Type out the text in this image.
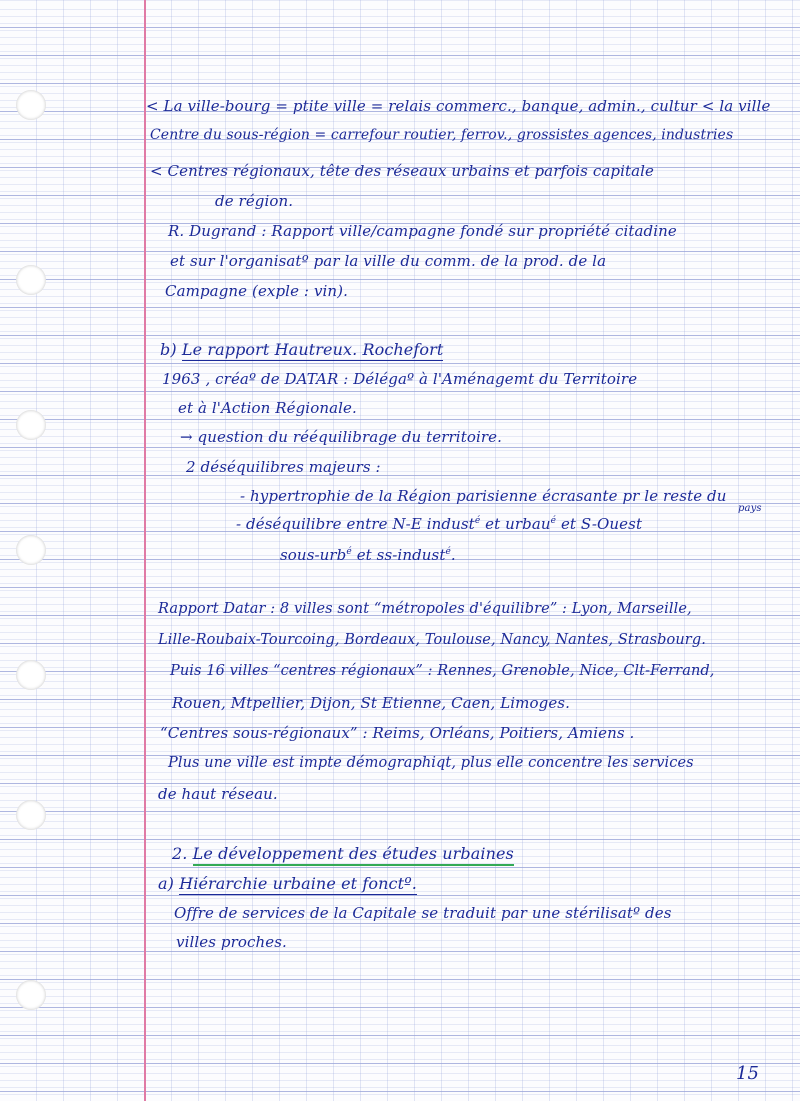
< La ville-bourg = ptite ville = relais commerc., banque, admin., cultur < la ville
Centre du sous-région = carrefour routier, ferrov., grossistes agences, industries
< Centres régionaux, tête des réseaux urbains et parfois capitale
de région.
R. Dugrand : Rapport ville/campagne fondé sur propriété citadine
et sur l'organisatº par la ville du comm. de la prod. de la
Campagne (exple : vin).
b) Le rapport Hautreux. Rochefort
1963 , créaº de DATAR : Délégaº à l'Aménagemt du Territoire
et à l'Action Régionale.
→ question du rééquilibrage du territoire.
2 déséquilibres majeurs :
- hypertrophie de la Région parisienne écrasante pr le reste du
pays
- déséquilibre entre N-E indust$^é$ et urbau$^é$ et S-Ouest
sous-urb$^é$ et ss-indust$^é$.
Rapport Datar : 8 villes sont “métropoles d'équilibre” : Lyon, Marseille,
Lille-Roubaix-Tourcoing, Bordeaux, Toulouse, Nancy, Nantes, Strasbourg.
Puis 16 villes “centres régionaux” : Rennes, Grenoble, Nice, Clt-Ferrand,
Rouen, Mtpellier, Dijon, St Etienne, Caen, Limoges.
“Centres sous-régionaux” : Reims, Orléans, Poitiers, Amiens .
Plus une ville est impte démographiqt, plus elle concentre les services
de haut réseau.
2. Le développement des études urbaines
a) Hiérarchie urbaine et fonctº.
Offre de services de la Capitale se traduit par une stérilisatº des
villes proches.
15
